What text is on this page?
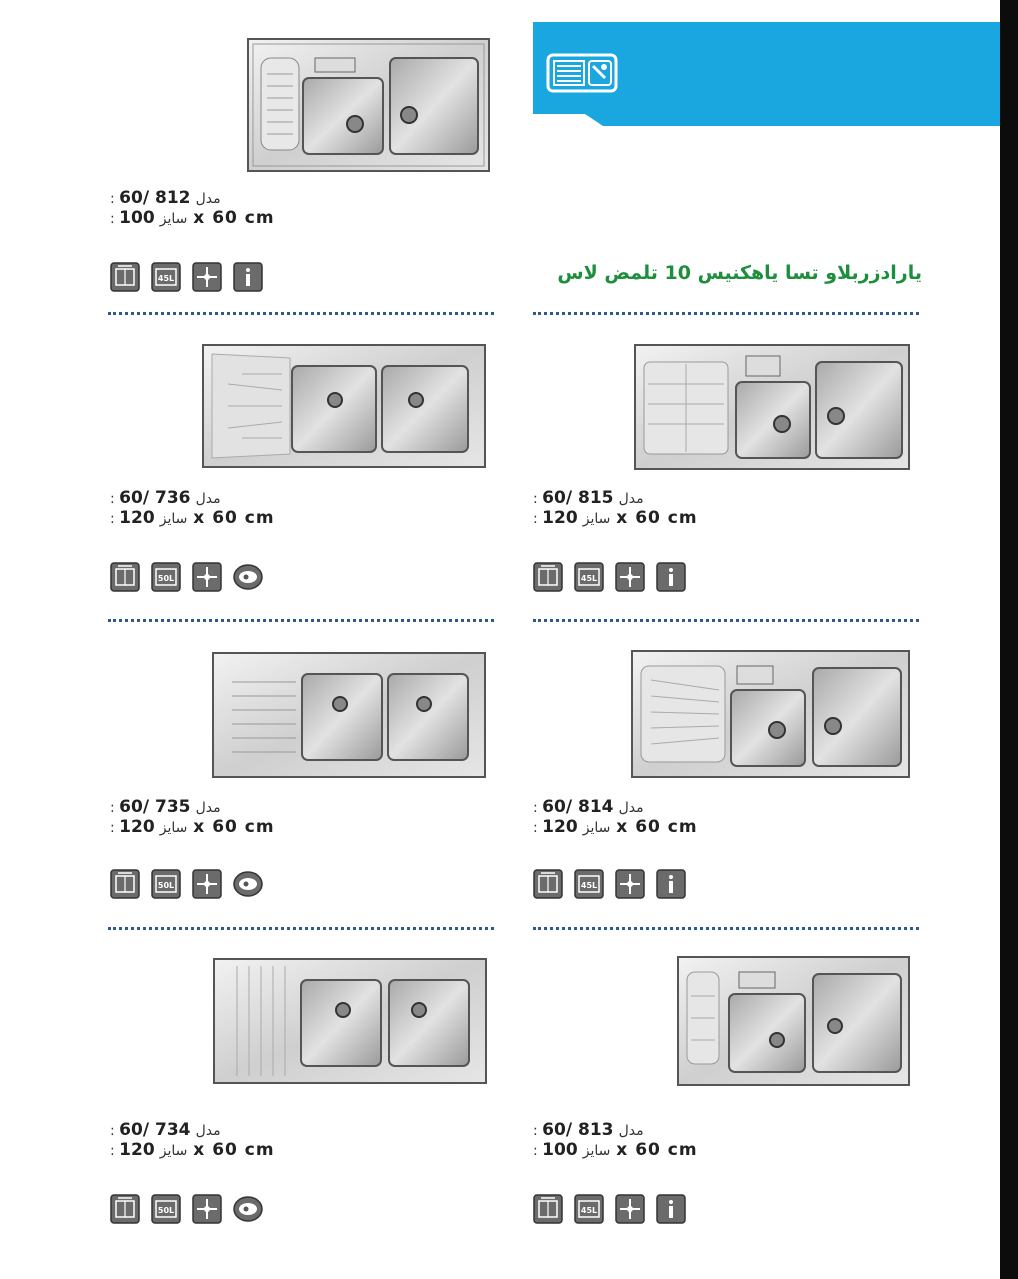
یارادزربلاو تسا یاهکنیس 10 تلمض لاس
: مدل 812 /60
: سایز 100 x 60 cm
45L
: مدل 736 /60
: سایز 120 x 60 cm
50L
: مدل 815 /60
: سایز 120 x 60 cm
45L
: مدل 735 /60
: سایز 120 x 60 cm
50L
: مدل 814 /60
: سایز 120 x 60 cm
45L
: مدل 734 /60
: سایز 120 x 60 cm
50L
: مدل 813 /60
: سایز 100 x 60 cm
45L
